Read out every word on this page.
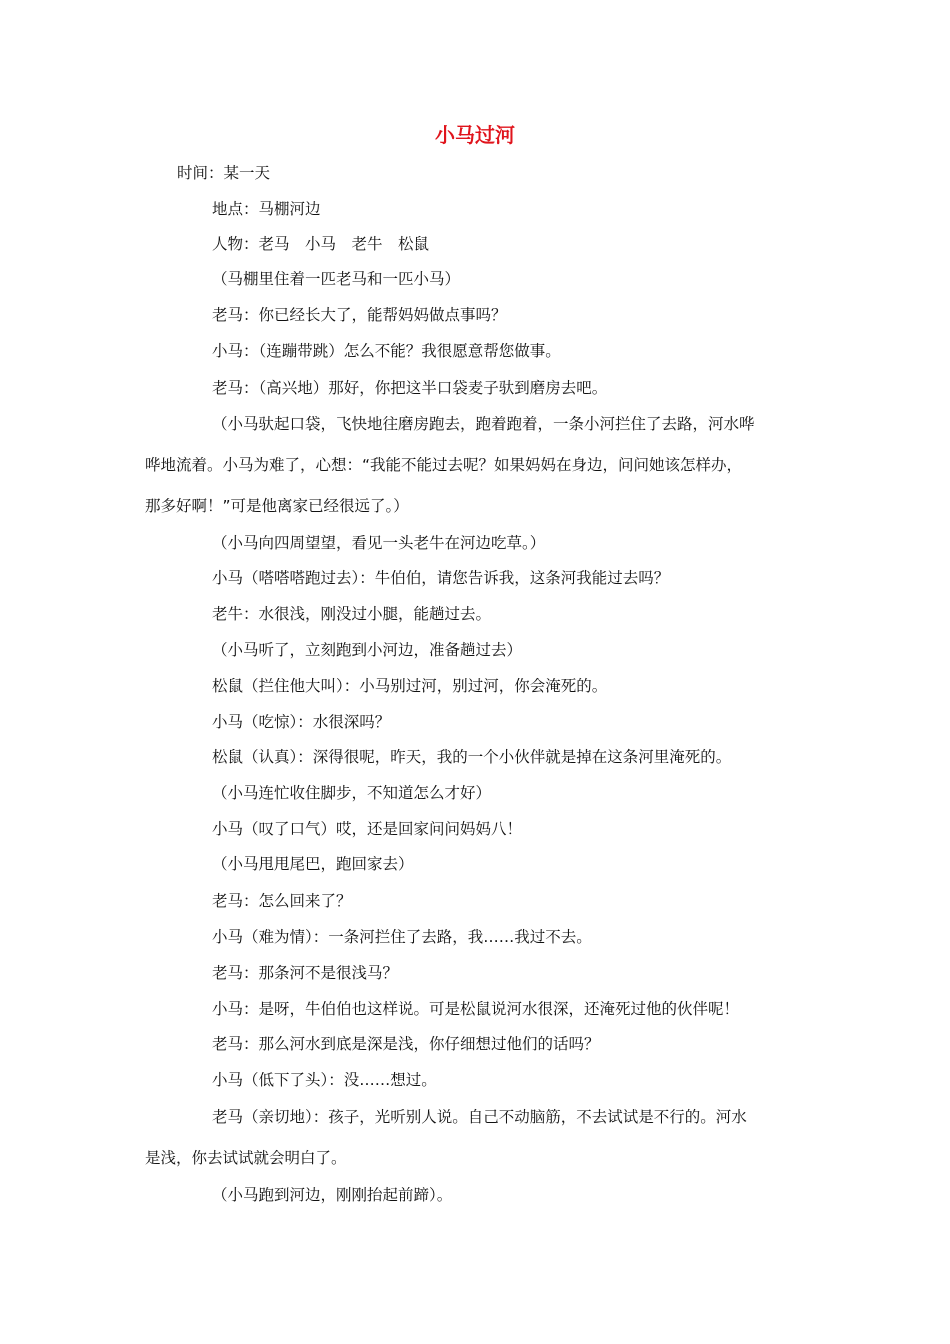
小马过河
时间：某一天
地点：马棚河边
人物：老马　小马　老牛　松鼠
（马棚里住着一匹老马和一匹小马）
老马：你已经长大了，能帮妈妈做点事吗？
小马：（连蹦带跳）怎么不能？我很愿意帮您做事。
老马：（高兴地）那好，你把这半口袋麦子驮到磨房去吧。
（小马驮起口袋，飞快地往磨房跑去，跑着跑着，一条小河拦住了去路，河水哗
哗地流着。小马为难了，心想：“我能不能过去呢？如果妈妈在身边，问问她该怎样办，
那多好啊！”可是他离家已经很远了。）
（小马向四周望望，看见一头老牛在河边吃草。）
小马（嗒嗒嗒跑过去）：牛伯伯，请您告诉我，这条河我能过去吗？
老牛：水很浅，刚没过小腿，能趟过去。
（小马听了，立刻跑到小河边，准备趟过去）
松鼠（拦住他大叫）：小马别过河，别过河，你会淹死的。
小马（吃惊）：水很深吗？
松鼠（认真）：深得很呢，昨天，我的一个小伙伴就是掉在这条河里淹死的。
（小马连忙收住脚步，不知道怎么才好）
小马（叹了口气）哎，还是回家问问妈妈八！
（小马甩甩尾巴，跑回家去）
老马：怎么回来了？
小马（难为情）：一条河拦住了去路，我……我过不去。
老马：那条河不是很浅马？
小马：是呀，牛伯伯也这样说。可是松鼠说河水很深，还淹死过他的伙伴呢！
老马：那么河水到底是深是浅，你仔细想过他们的话吗？
小马（低下了头）：没……想过。
老马（亲切地）：孩子，光听别人说。自己不动脑筋，不去试试是不行的。河水
是浅，你去试试就会明白了。
（小马跑到河边，刚刚抬起前蹄）。
